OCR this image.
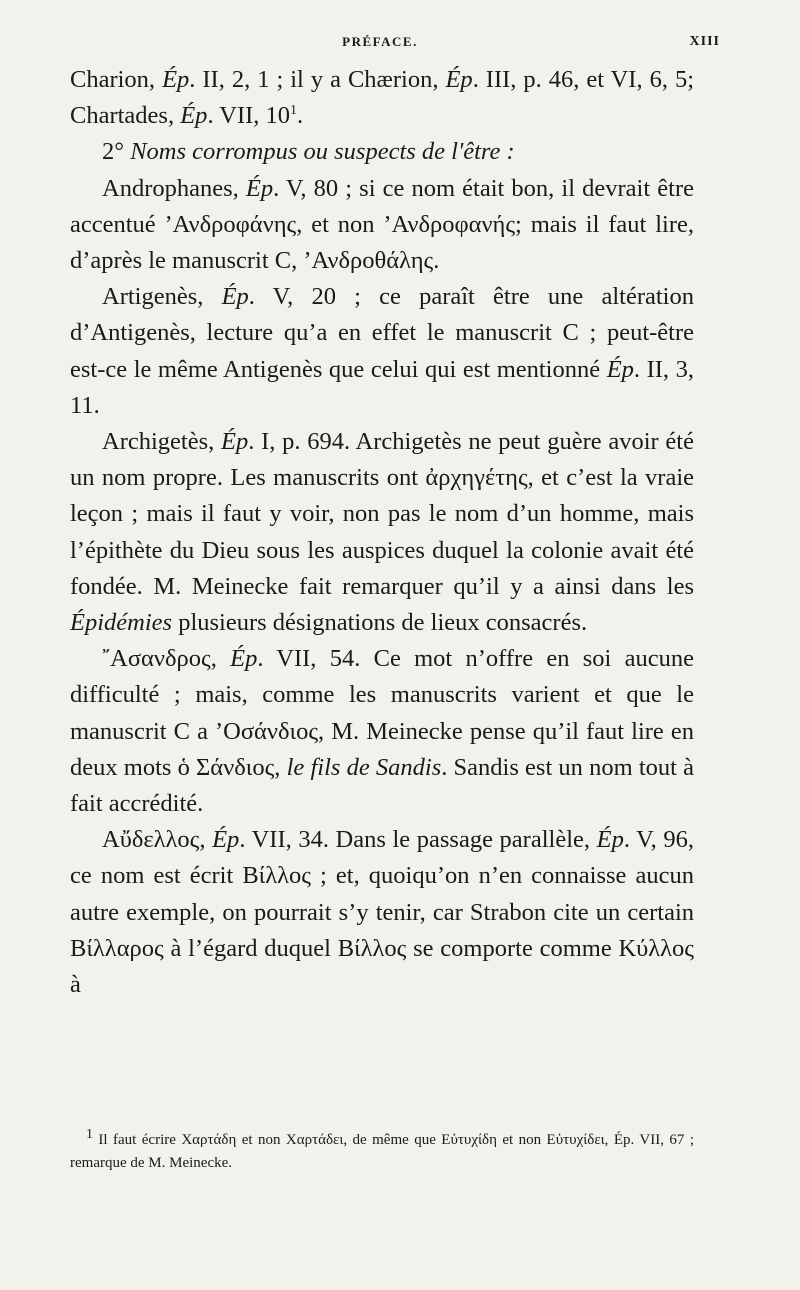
PRÉFACE.	XIII

Charion, Ép. II, 2, 1 ; il y a Chærion, Ép. III, p. 46, et VI, 6, 5; Chartades, Ép. VII, $10^1$.

2° Noms corrompus ou suspects de l'être :

Androphanes, Ép. V, 80 ; si ce nom était bon, il devrait être accentué ’Ανδροφάνης, et non ’Ανδροφανής; mais il faut lire, d’après le manuscrit C, ’Ανδροθάλης.

Artigenès, Ép. V, 20 ; ce paraît être une altération d’Antigenès, lecture qu’a en effet le manuscrit C ; peut-être est-ce le même Antigenès que celui qui est mentionné Ép. II, 3, 11.

Archigetès, Ép. I, p. 694. Archigetès ne peut guère avoir été un nom propre. Les manuscrits ont ἀρχηγέτης, et c’est la vraie leçon ; mais il faut y voir, non pas le nom d’un homme, mais l’épithète du Dieu sous les auspices duquel la colonie avait été fondée. M. Meinecke fait remarquer qu’il y a ainsi dans les Épidémies plusieurs désignations de lieux consacrés.

῎Ασανδρος, Ép. VII, 54. Ce mot n’offre en soi aucune difficulté ; mais, comme les manuscrits varient et que le manuscrit C a ’Οσάνδιος, M. Meinecke pense qu’il faut lire en deux mots ὁ Σάνδιος, le fils de Sandis. Sandis est un nom tout à fait accrédité.

Αὔδελλος, Ép. VII, 34. Dans le passage parallèle, Ép. V, 96, ce nom est écrit Βίλλος ; et, quoiqu’on n’en connaisse aucun autre exemple, on pourrait s’y tenir, car Strabon cite un certain Βίλλαρος à l’égard duquel Βίλλος se comporte comme Κύλλος à

$^1$ Il faut écrire Χαρτάδη et non Χαρτάδει, de même que Εὐτυχίδη et non Εὐτυχίδει, Ép. VII, 67 ; remarque de M. Meinecke.
